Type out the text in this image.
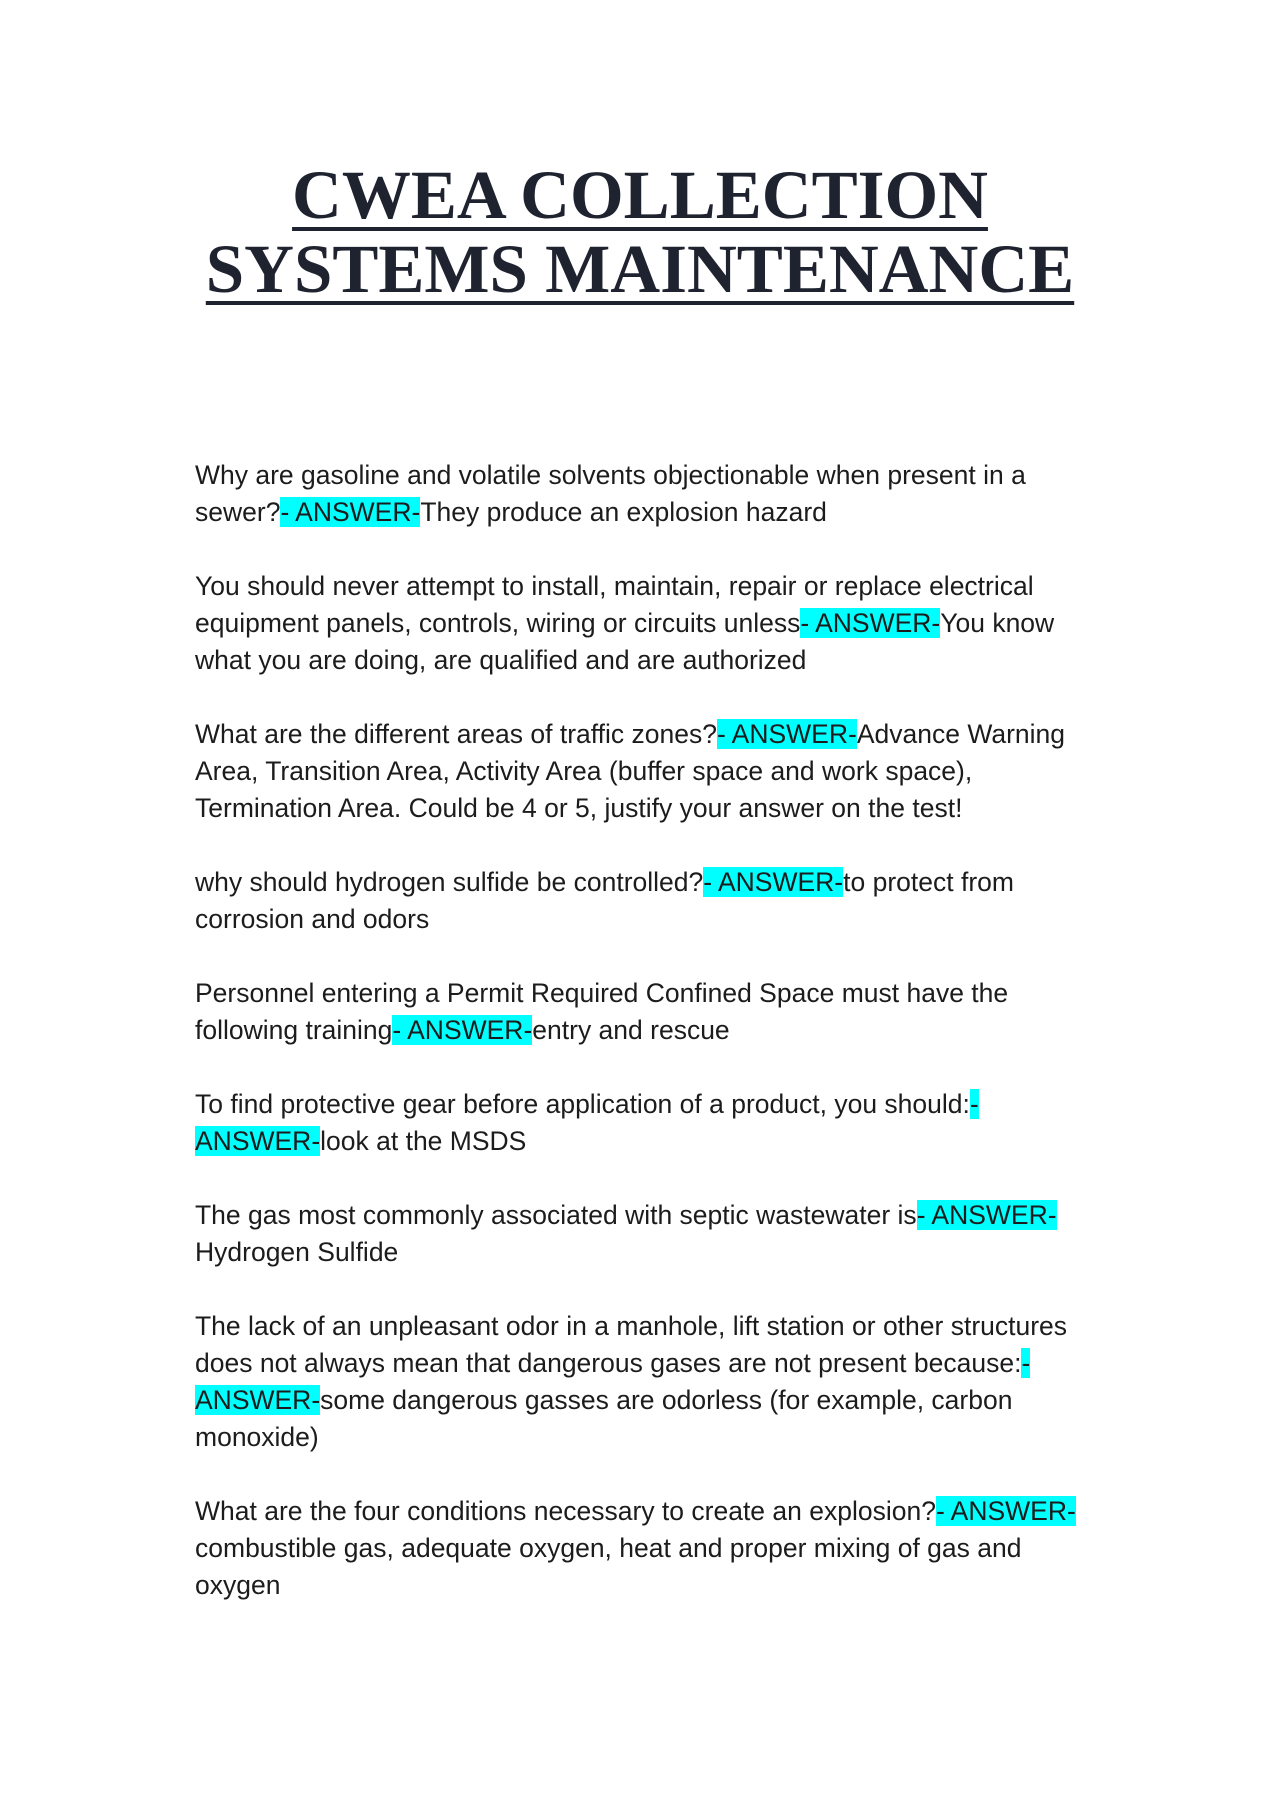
CWEA COLLECTION
SYSTEMS MAINTENANCE

Why are gasoline and volatile solvents objectionable when present in a sewer?- ANSWER-They produce an explosion hazard

You should never attempt to install, maintain, repair or replace electrical equipment panels, controls, wiring or circuits unless- ANSWER-You know what you are doing, are qualified and are authorized

What are the different areas of traffic zones?- ANSWER-Advance Warning Area, Transition Area, Activity Area (buffer space and work space), Termination Area. Could be 4 or 5, justify your answer on the test!

why should hydrogen sulfide be controlled?- ANSWER-to protect from corrosion and odors

Personnel entering a Permit Required Confined Space must have the following training- ANSWER-entry and rescue

To find protective gear before application of a product, you should:- ANSWER-look at the MSDS

The gas most commonly associated with septic wastewater is- ANSWER-Hydrogen Sulfide

The lack of an unpleasant odor in a manhole, lift station or other structures does not always mean that dangerous gases are not present because:- ANSWER-some dangerous gasses are odorless (for example, carbon monoxide)

What are the four conditions necessary to create an explosion?- ANSWER-combustible gas, adequate oxygen, heat and proper mixing of gas and oxygen
